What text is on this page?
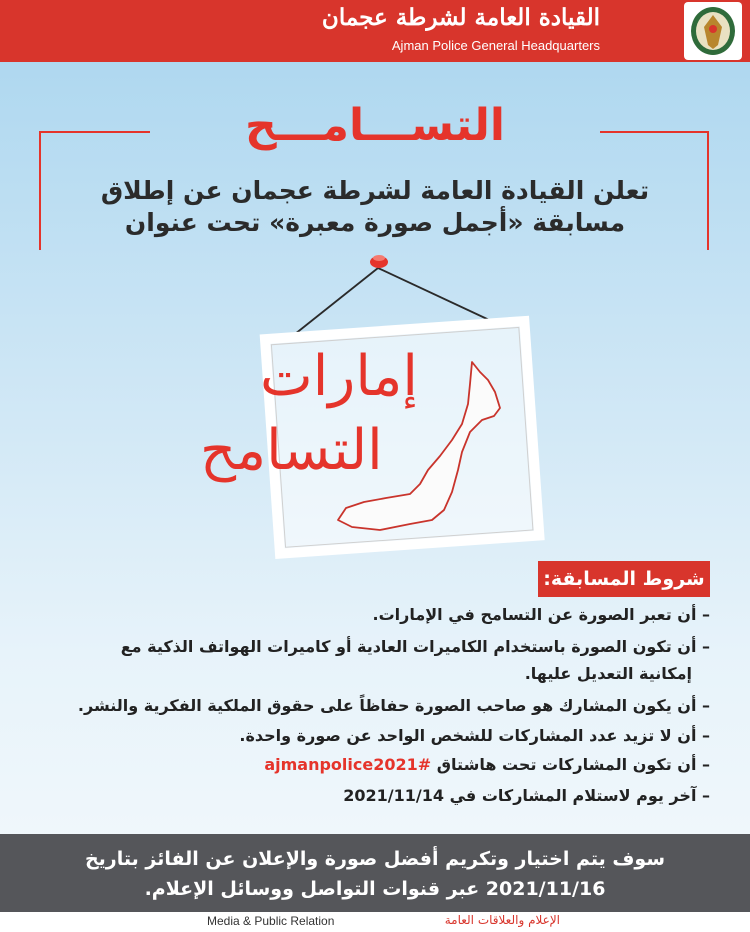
القيادة العامة لشرطة عجمان
Ajman Police General Headquarters
التســـامـــح
تعلن القيادة العامة لشرطة عجمان عن إطلاق
مسابقة «أجمل صورة معبرة» تحت عنوان
إمارات
التسامح
شروط المسابقة:
– أن تعبر الصورة عن التسامح في الإمارات.
– أن تكون الصورة باستخدام الكاميرات العادية أو كاميرات الهواتف الذكية مع
إمكانية التعديل عليها.
– أن يكون المشارك هو صاحب الصورة حفاظاً على حقوق الملكية الفكرية والنشر.
– أن لا تزيد عدد المشاركات للشخص الواحد عن صورة واحدة.
– أن تكون المشاركات تحت هاشتاق #ajmanpolice2021
– آخر يوم لاستلام المشاركات في 2021/11/14
سوف يتم اختيار وتكريم أفضل صورة والإعلان عن الفائز بتاريخ
2021/11/16 عبر قنوات التواصل ووسائل الإعلام.
Media & Public Relation	الإعلام والعلاقات العامة
